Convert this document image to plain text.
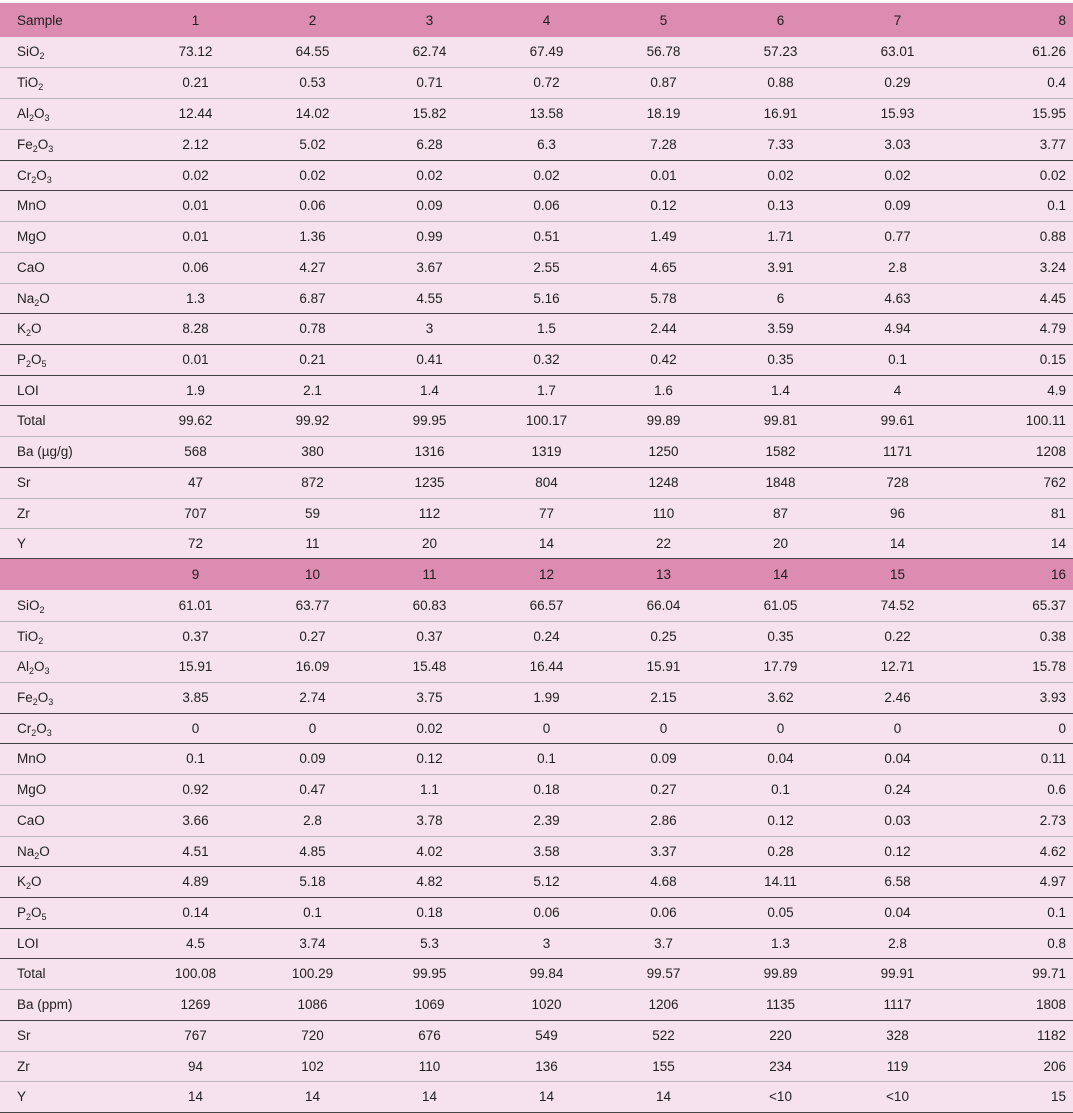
Sample	1	2	3	4	5	6	7	8
SiO$_2$	73.12	64.55	62.74	67.49	56.78	57.23	63.01	61.26
TiO$_2$	0.21	0.53	0.71	0.72	0.87	0.88	0.29	0.4
$Al_2O_3$	12.44	14.02	15.82	13.58	18.19	16.91	15.93	15.95
$Fe_2O_3$	2.12	5.02	6.28	6.3	7.28	7.33	3.03	3.77
$Cr_2O_3$	0.02	0.02	0.02	0.02	0.01	0.02	0.02	0.02
MnO	0.01	0.06	0.09	0.06	0.12	0.13	0.09	0.1
MgO	0.01	1.36	0.99	0.51	1.49	1.71	0.77	0.88
CaO	0.06	4.27	3.67	2.55	4.65	3.91	2.8	3.24
$Na_2O$	1.3	6.87	4.55	5.16	5.78	6	4.63	4.45
$K_2O$	8.28	0.78	3	1.5	2.44	3.59	4.94	4.79
$P_2O_5$	0.01	0.21	0.41	0.32	0.42	0.35	0.1	0.15
LOI	1.9	2.1	1.4	1.7	1.6	1.4	4	4.9
Total	99.62	99.92	99.95	100.17	99.89	99.81	99.61	100.11
Ba (µg/g)	568	380	1316	1319	1250	1582	1171	1208
Sr	47	872	1235	804	1248	1848	728	762
Zr	707	59	112	77	110	87	96	81
Y	72	11	20	14	22	20	14	14
	9	10	11	12	13	14	15	16
SiO$_2$	61.01	63.77	60.83	66.57	66.04	61.05	74.52	65.37
TiO$_2$	0.37	0.27	0.37	0.24	0.25	0.35	0.22	0.38
$Al_2O_3$	15.91	16.09	15.48	16.44	15.91	17.79	12.71	15.78
$Fe_2O_3$	3.85	2.74	3.75	1.99	2.15	3.62	2.46	3.93
$Cr_2O_3$	0	0	0.02	0	0	0	0	0
MnO	0.1	0.09	0.12	0.1	0.09	0.04	0.04	0.11
MgO	0.92	0.47	1.1	0.18	0.27	0.1	0.24	0.6
CaO	3.66	2.8	3.78	2.39	2.86	0.12	0.03	2.73
$Na_2O$	4.51	4.85	4.02	3.58	3.37	0.28	0.12	4.62
$K_2O$	4.89	5.18	4.82	5.12	4.68	14.11	6.58	4.97
$P_2O_5$	0.14	0.1	0.18	0.06	0.06	0.05	0.04	0.1
LOI	4.5	3.74	5.3	3	3.7	1.3	2.8	0.8
Total	100.08	100.29	99.95	99.84	99.57	99.89	99.91	99.71
Ba (ppm)	1269	1086	1069	1020	1206	1135	1117	1808
Sr	767	720	676	549	522	220	328	1182
Zr	94	102	110	136	155	234	119	206
Y	14	14	14	14	14	<10	<10	15
